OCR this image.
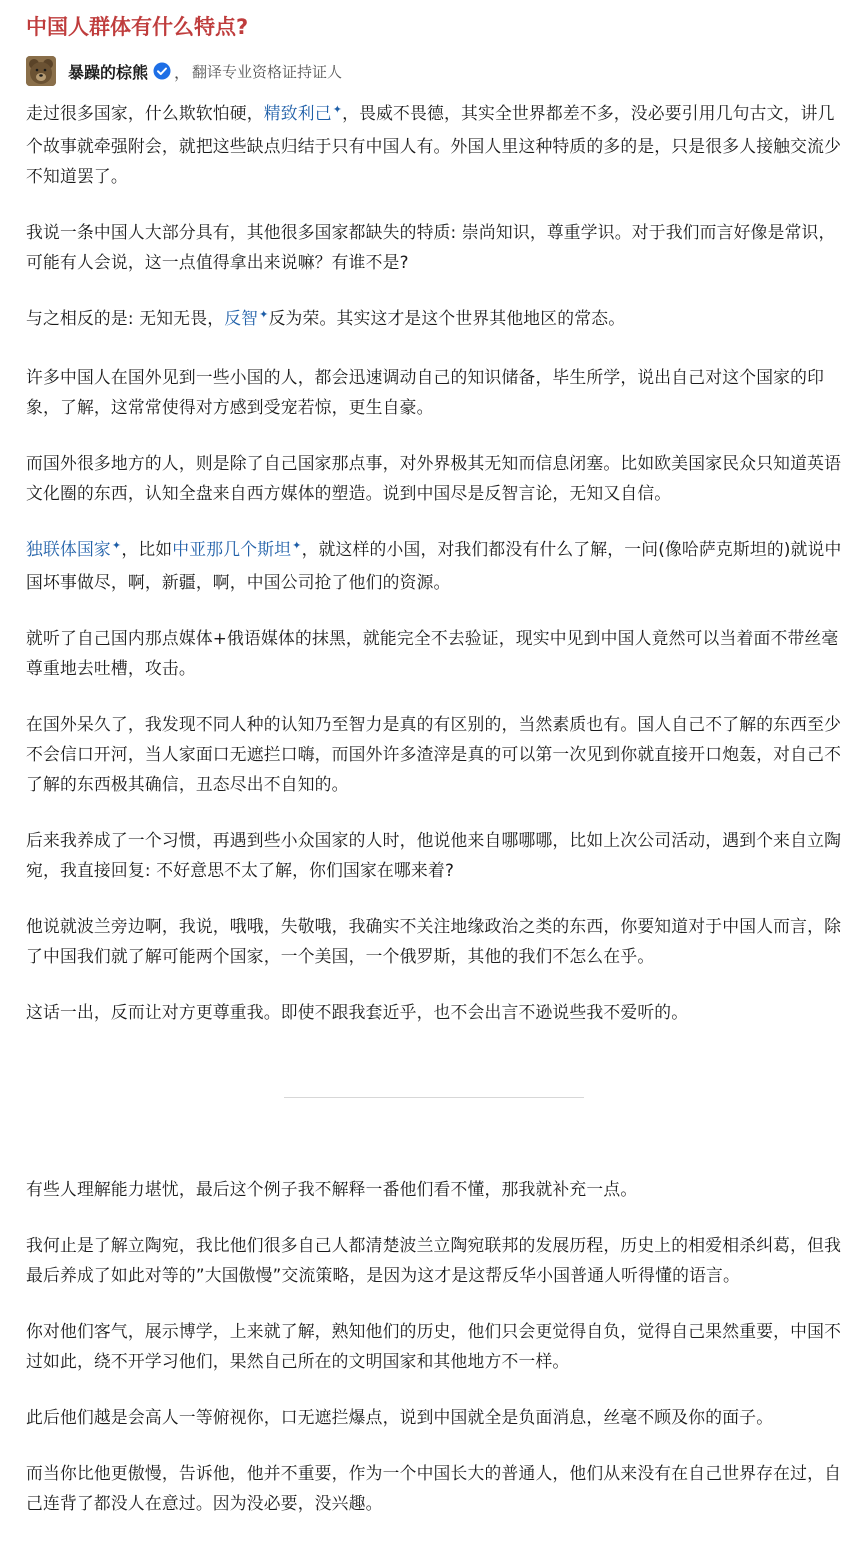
中国人群体有什么特点?
暴躁的棕熊 ， 翻译专业资格证持证人

走过很多国家，什么欺软怕硬，精致利己✦，畏威不畏德，其实全世界都差不多，没必要引用几句古文，讲几个故事就牵强附会，就把这些缺点归结于只有中国人有。外国人里这种特质的多的是，只是很多人接触交流少不知道罢了。

我说一条中国人大部分具有，其他很多国家都缺失的特质: 崇尚知识，尊重学识。对于我们而言好像是常识，可能有人会说，这一点值得拿出来说嘛？有谁不是?

与之相反的是: 无知无畏，反智✦反为荣。其实这才是这个世界其他地区的常态。

许多中国人在国外见到一些小国的人，都会迅速调动自己的知识储备，毕生所学，说出自己对这个国家的印象，了解，这常常使得对方感到受宠若惊，更生自豪。

而国外很多地方的人，则是除了自己国家那点事，对外界极其无知而信息闭塞。比如欧美国家民众只知道英语文化圈的东西，认知全盘来自西方媒体的塑造。说到中国尽是反智言论，无知又自信。

独联体国家✦，比如中亚那几个斯坦✦，就这样的小国，对我们都没有什么了解，一问(像哈萨克斯坦的)就说中国坏事做尽，啊，新疆，啊，中国公司抢了他们的资源。

就听了自己国内那点媒体+俄语媒体的抹黑，就能完全不去验证，现实中见到中国人竟然可以当着面不带丝毫尊重地去吐槽，攻击。

在国外呆久了，我发现不同人种的认知乃至智力是真的有区别的，当然素质也有。国人自己不了解的东西至少不会信口开河，当人家面口无遮拦口嗨，而国外许多渣滓是真的可以第一次见到你就直接开口炮轰，对自己不了解的东西极其确信，丑态尽出不自知的。

后来我养成了一个习惯，再遇到些小众国家的人时，他说他来自哪哪哪，比如上次公司活动，遇到个来自立陶宛，我直接回复: 不好意思不太了解，你们国家在哪来着?

他说就波兰旁边啊，我说，哦哦，失敬哦，我确实不关注地缘政治之类的东西，你要知道对于中国人而言，除了中国我们就了解可能两个国家，一个美国，一个俄罗斯，其他的我们不怎么在乎。

这话一出，反而让对方更尊重我。即使不跟我套近乎，也不会出言不逊说些我不爱听的。

有些人理解能力堪忧，最后这个例子我不解释一番他们看不懂，那我就补充一点。

我何止是了解立陶宛，我比他们很多自己人都清楚波兰立陶宛联邦的发展历程，历史上的相爱相杀纠葛，但我最后养成了如此对等的”大国傲慢”交流策略，是因为这才是这帮反华小国普通人听得懂的语言。

你对他们客气，展示博学，上来就了解，熟知他们的历史，他们只会更觉得自负，觉得自己果然重要，中国不过如此，绕不开学习他们，果然自己所在的文明国家和其他地方不一样。

此后他们越是会高人一等俯视你，口无遮拦爆点，说到中国就全是负面消息，丝毫不顾及你的面子。

而当你比他更傲慢，告诉他，他并不重要，作为一个中国长大的普通人，他们从来没有在自己世界存在过，自己连背了都没人在意过。因为没必要，没兴趣。
